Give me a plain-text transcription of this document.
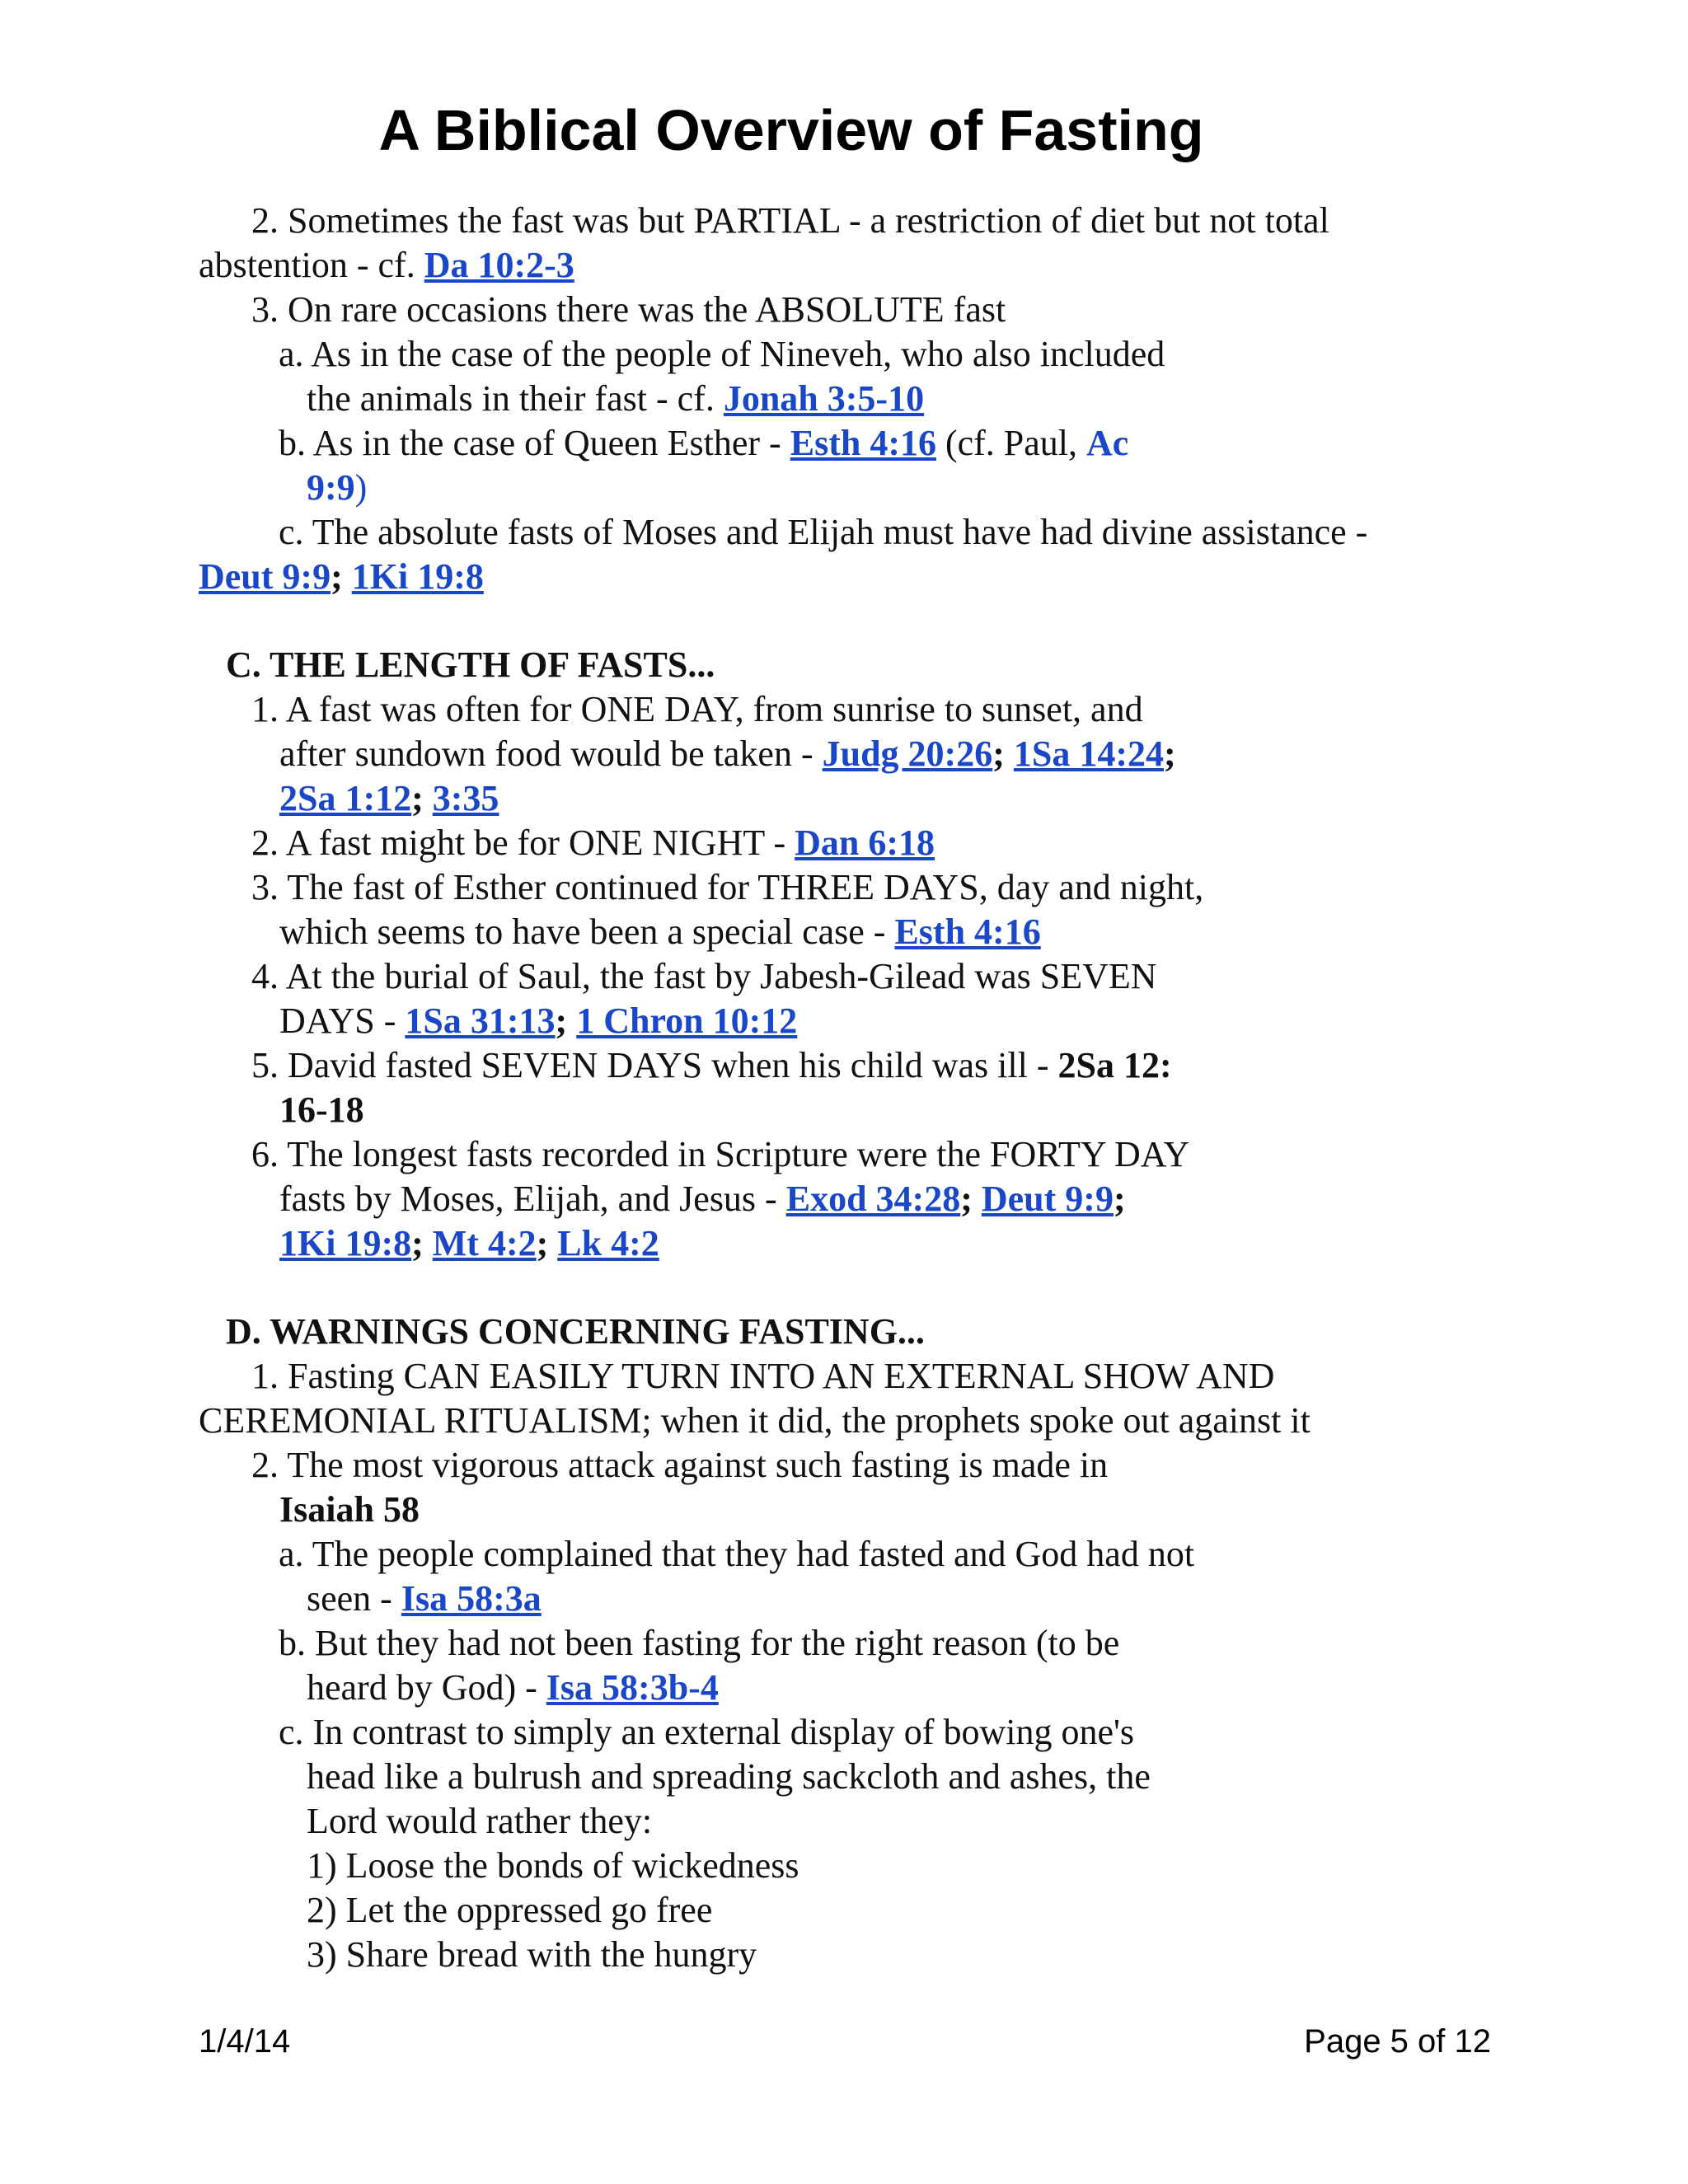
A Biblical Overview of Fasting
2. Sometimes the fast was but PARTIAL - a restriction of diet but not total
abstention - cf. Da 10:2-3
3. On rare occasions there was the ABSOLUTE fast
a. As in the case of the people of Nineveh, who also included
the animals in their fast - cf. Jonah 3:5-10
b. As in the case of Queen Esther - Esth 4:16 (cf. Paul, Ac
9:9)
c. The absolute fasts of Moses and Elijah must have had divine assistance -
Deut 9:9; 1Ki 19:8
C. THE LENGTH OF FASTS...
1. A fast was often for ONE DAY, from sunrise to sunset, and
after sundown food would be taken - Judg 20:26; 1Sa 14:24;
2Sa 1:12; 3:35
2. A fast might be for ONE NIGHT - Dan 6:18
3. The fast of Esther continued for THREE DAYS, day and night,
which seems to have been a special case - Esth 4:16
4. At the burial of Saul, the fast by Jabesh-Gilead was SEVEN
DAYS - 1Sa 31:13; 1 Chron 10:12
5. David fasted SEVEN DAYS when his child was ill - 2Sa 12:
16-18
6. The longest fasts recorded in Scripture were the FORTY DAY
fasts by Moses, Elijah, and Jesus - Exod 34:28; Deut 9:9;
1Ki 19:8; Mt 4:2; Lk 4:2
D. WARNINGS CONCERNING FASTING...
1. Fasting CAN EASILY TURN INTO AN EXTERNAL SHOW AND
CEREMONIAL RITUALISM; when it did, the prophets spoke out against it
2. The most vigorous attack against such fasting is made in
Isaiah 58
a. The people complained that they had fasted and God had not
seen - Isa 58:3a
b. But they had not been fasting for the right reason (to be
heard by God) - Isa 58:3b-4
c. In contrast to simply an external display of bowing one's
head like a bulrush and spreading sackcloth and ashes, the
Lord would rather they:
1) Loose the bonds of wickedness
2) Let the oppressed go free
3) Share bread with the hungry
1/4/14	Page 5 of 12
